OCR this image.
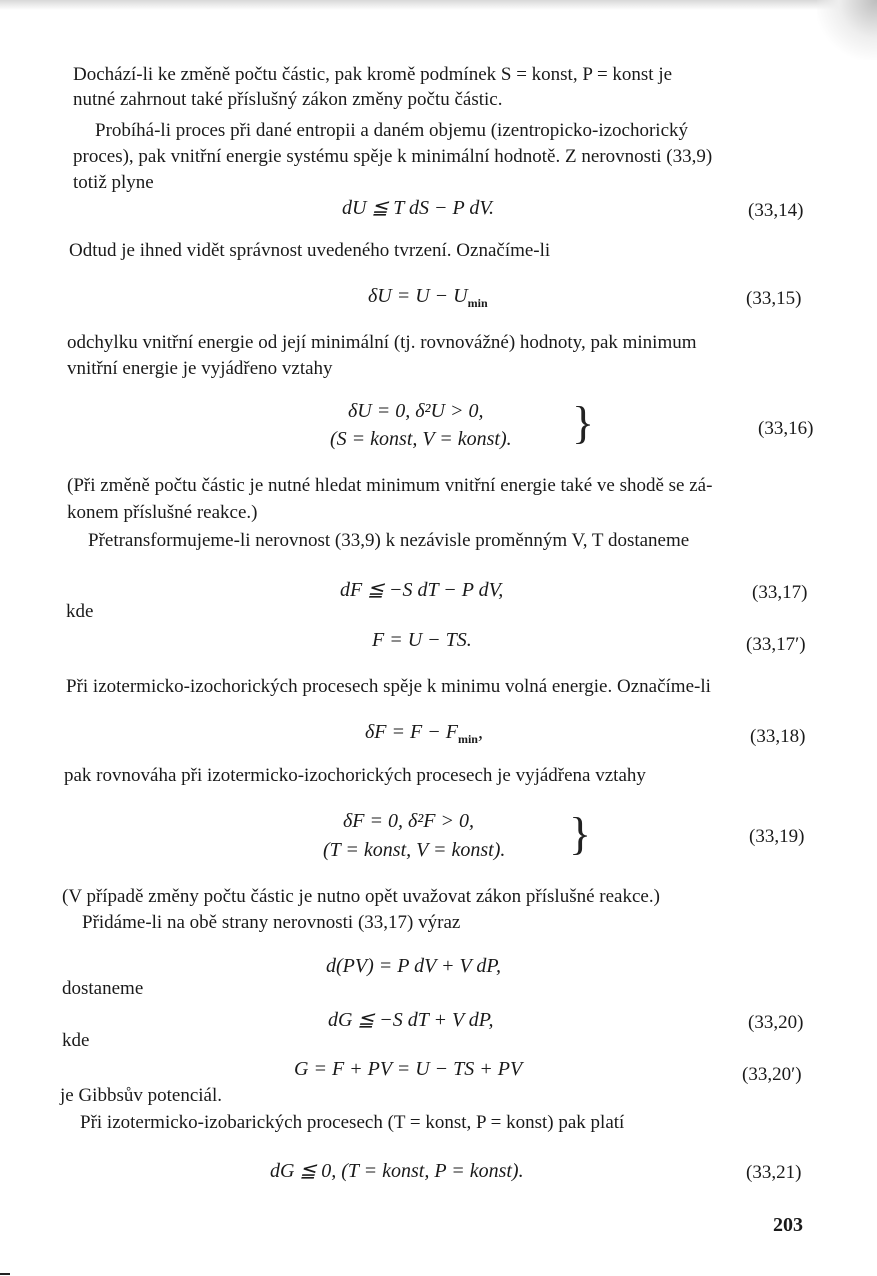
Dochází-li ke změně počtu částic, pak kromě podmínek S = konst, P = konst je
nutné zahrnout také příslušný zákon změny počtu částic.
Probíhá-li proces při dané entropii a daném objemu (izentropicko-izochorický
proces), pak vnitřní energie systému spěje k minimální hodnotě. Z nerovnosti (33,9)
totiž plyne
dU ≦ T dS − P dV.	(33,14)
Odtud je ihned vidět správnost uvedeného tvrzení. Označíme-li
$\delta U = U - U_{min}$	(33,15)
odchylku vnitřní energie od její minimální (tj. rovnovážné) hodnoty, pak minimum
vnitřní energie je vyjádřeno vztahy
δU = 0, δ²U > 0,
(S = konst, V = konst). }	(33,16)
(Při změně počtu částic je nutné hledat minimum vnitřní energie také ve shodě se zá-
konem příslušné reakce.)
Přetransformujeme-li nerovnost (33,9) k nezávisle proměnným V, T dostaneme
dF ≦ −S dT − P dV,	(33,17)
kde
F = U − TS.	(33,17′)
Při izotermicko-izochorických procesech spěje k minimu volná energie. Označíme-li
$\delta F = F - F_{min}$,	(33,18)
pak rovnováha při izotermicko-izochorických procesech je vyjádřena vztahy
δF = 0, δ²F > 0,
(T = konst, V = konst). }	(33,19)
(V případě změny počtu částic je nutno opět uvažovat zákon příslušné reakce.)
Přidáme-li na obě strany nerovnosti (33,17) výraz
d(PV) = P dV + V dP,
dostaneme
dG ≦ −S dT + V dP,	(33,20)
kde
G = F + PV = U − TS + PV	(33,20′)
je Gibbsův potenciál.
Při izotermicko-izobarických procesech (T = konst, P = konst) pak platí
dG ≦ 0, (T = konst, P = konst).	(33,21)
203
